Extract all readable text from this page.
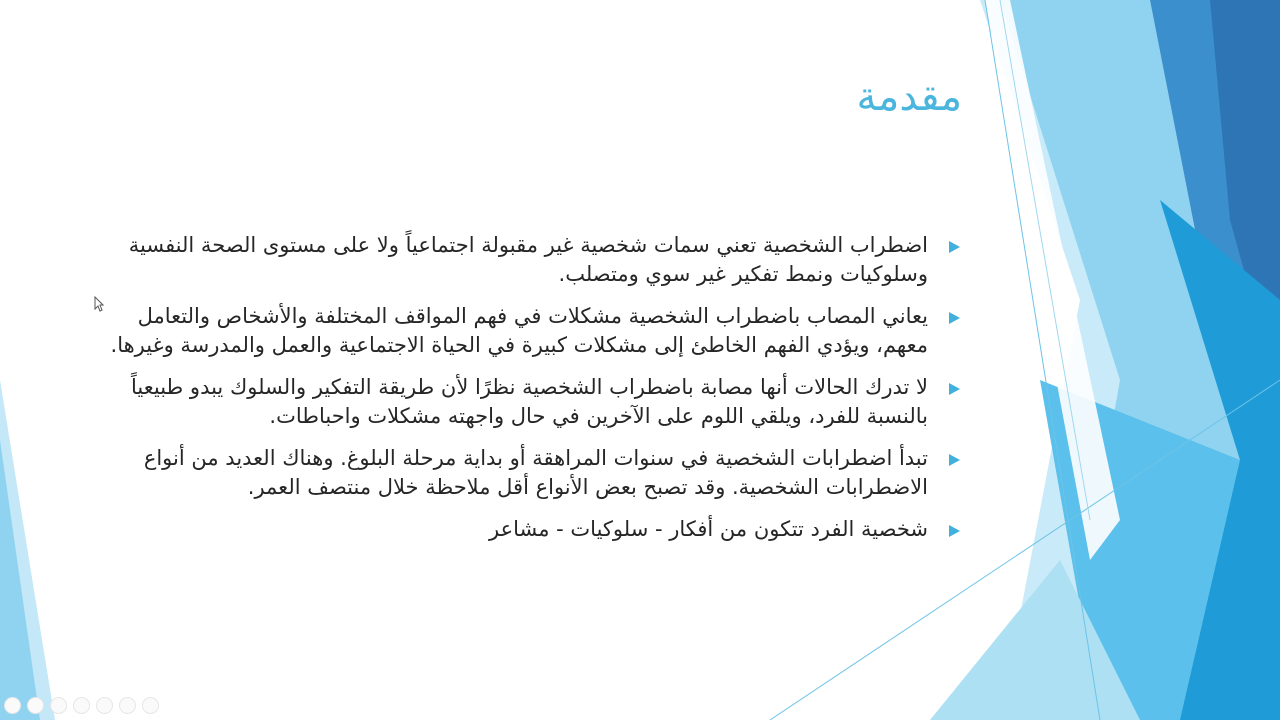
مقدمة
اضطراب الشخصية تعني سمات شخصية غير مقبولة اجتماعياً ولا على مستوى الصحة النفسية وسلوكيات ونمط تفكير غير سوي ومتصلب.
يعاني المصاب باضطراب الشخصية مشكلات في فهم المواقف المختلفة والأشخاص والتعامل معهم، ويؤدي الفهم الخاطئ إلى مشكلات كبيرة في الحياة الاجتماعية والعمل والمدرسة وغيرها.
لا تدرك الحالات أنها مصابة باضطراب الشخصية نظرًا لأن طريقة التفكير والسلوك يبدو طبيعياً بالنسبة للفرد، ويلقي اللوم على الآخرين في حال واجهته مشكلات واحباطات.
تبدأ اضطرابات الشخصية في سنوات المراهقة أو بداية مرحلة البلوغ. وهناك العديد من أنواع الاضطرابات الشخصية. وقد تصبح بعض الأنواع أقل ملاحظة خلال منتصف العمر.
شخصية الفرد تتكون من أفكار - سلوكيات - مشاعر
